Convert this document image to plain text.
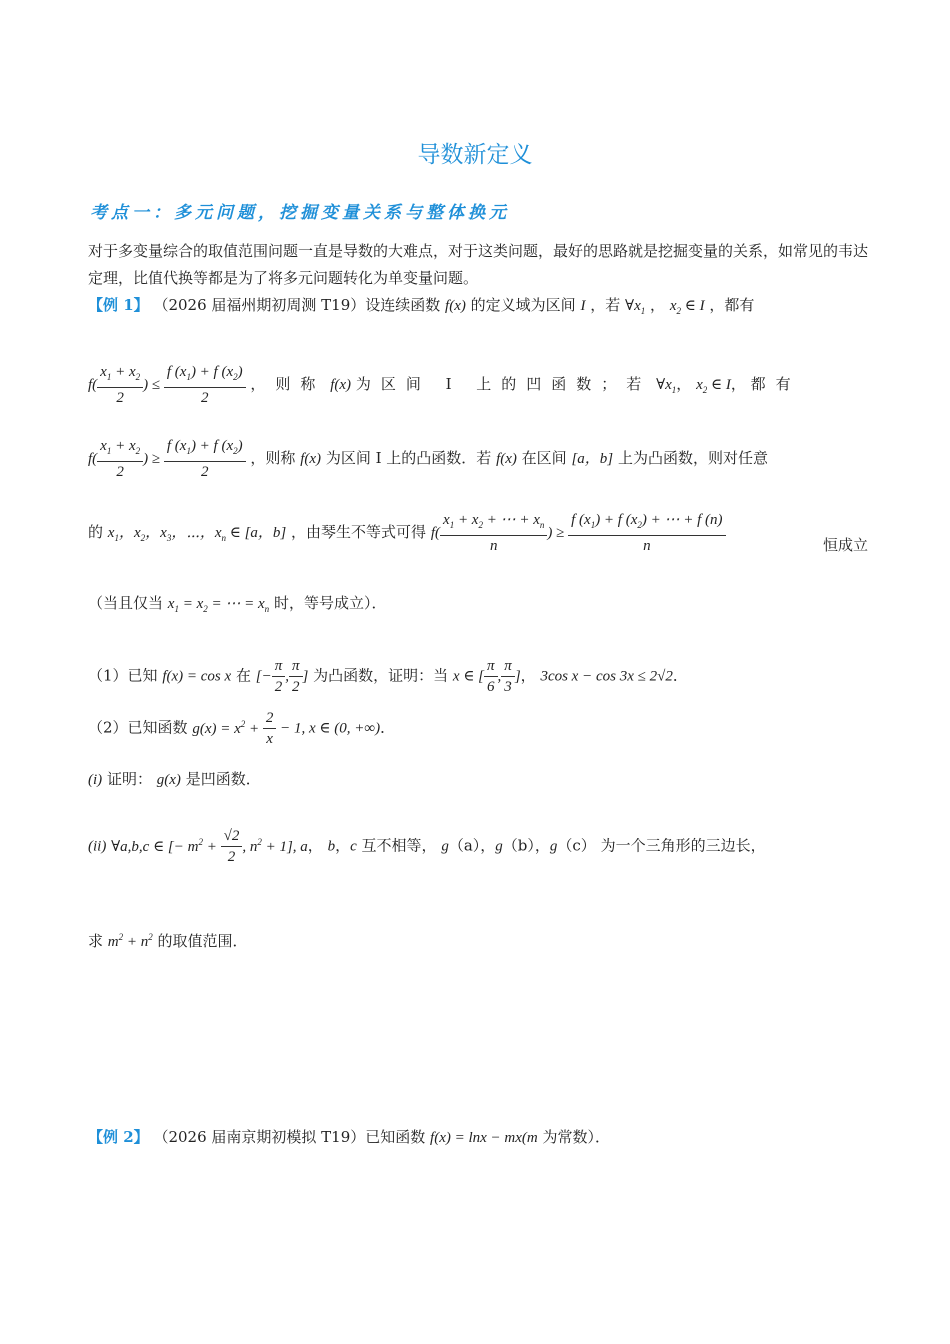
导数新定义
考点一：多元问题，挖掘变量关系与整体换元
对于多变量综合的取值范围问题一直是导数的大难点，对于这类问题，最好的思路就是挖掘变量的关系，如常见的韦达定理，比值代换等都是为了将多元问题转化为单变量问题。
【例 1】 （2026 届福州期初周测 T19）设连续函数 f(x) 的定义域为区间 I ，若 $\forall x_1$ ， $x_2$ ∈ I ，都有
$f( \frac{x_1 + x_2}{2}$ ) ≤ $\frac{f (x_1) + f (x_2)}{2}$ ，则称 f(x) 为区间 I 上的凹函数；若 $\forall x_1$， $x_2$ ∈ I， 都有
$f( \frac{x_1 + x_2}{2}$ ) ≥ $\frac{f (x_1) + f (x_2)}{2}$ ，则称 f(x) 为区间 I 上的凸函数．若 f(x) 在区间 [a，b] 上为凸函数，则对任意
的 $x_1$，$x_2$，$x_3$，⋯，$x_n$ ∈ [a，b] ，由琴生不等式可得 $f( \frac{x_1 + x_2 + \cdots + x_n}{n}$ ) ≥ $\frac{f (x_1) + f (x_2) + \cdots + f (n)}{n}$	恒成立
（当且仅当 $x_1 = x_2$ = ⋯ = $x_n$ 时，等号成立）．
（1）已知 f(x) = cos x 在 [− $\frac{\pi}{2}$ , $\frac{\pi}{2}$ ] 为凸函数，证明：当 x ∈ [ $\frac{\pi}{6}$ , $\frac{\pi}{3}$ ]， 3cos x − cos 3x ≤ 2√2．
（2）已知函数 $g(x) = x^2 + \frac{2}{x} - 1$, x ∈ (0, +∞)．
(i) 证明： g(x) 是凹函数．
(ii) ∀a,b,c ∈ [− $m^2 + \frac{√2}{2}$ , $n^2 + 1$], a， b，c 互不相等， g（a），g（b），g（c） 为一个三角形的三边长，
求 $m^2 + n^2$ 的取值范围．
【例 2】 （2026 届南京期初模拟 T19）已知函数 f(x) = lnx − mx(m 为常数）．
